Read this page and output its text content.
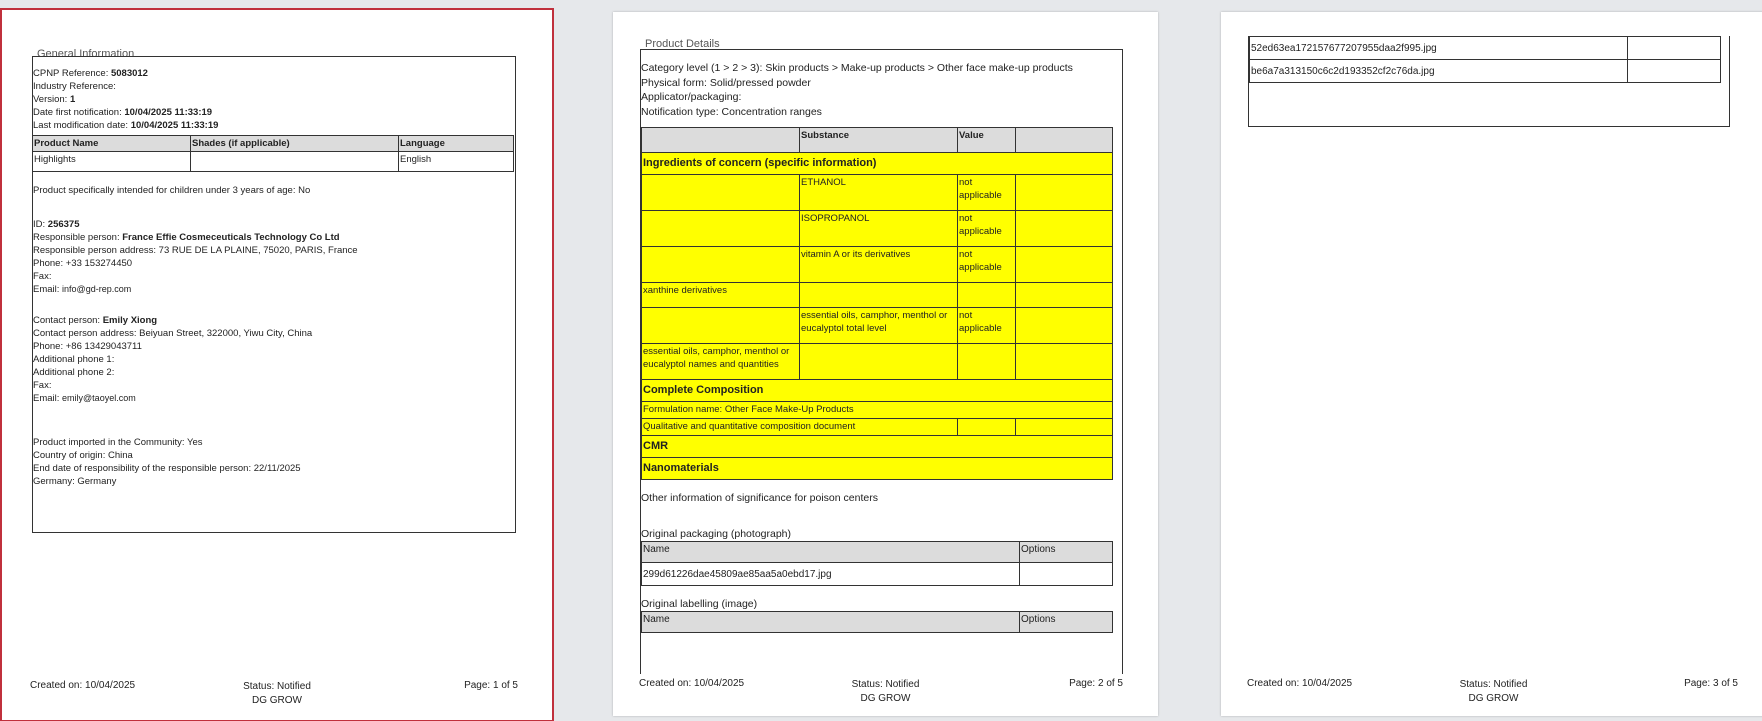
General Information
CPNP Reference: 5083012
Industry Reference:
Version: 1
Date first notification: 10/04/2025 11:33:19
Last modification date: 10/04/2025 11:33:19
Product Name	Shades (if applicable)	Language
Highlights		English
Product specifically intended for children under 3 years of age: No
ID: 256375
Responsible person: France Effie Cosmeceuticals Technology Co Ltd
Responsible person address: 73 RUE DE LA PLAINE, 75020, PARIS, France
Phone: +33 153274450
Fax:
Email: info@gd-rep.com
Contact person: Emily Xiong
Contact person address: Beiyuan Street, 322000, Yiwu City, China
Phone: +86 13429043711
Additional phone 1:
Additional phone 2:
Fax:
Email: emily@taoyel.com
Product imported in the Community: Yes
Country of origin: China
End date of responsibility of the responsible person: 22/11/2025
Germany: Germany
Created on: 10/04/2025	Status: Notified
DG GROW
Page: 1 of 5
Product Details
Category level (1 > 2 > 3): Skin products > Make-up products > Other face make-up products
Physical form: Solid/pressed powder
Applicator/packaging:
Notification type: Concentration ranges
	Substance	Value	
Ingredients of concern (specific information)			
	ETHANOL	not applicable	
	ISOPROPANOL	not applicable	
	vitamin A or its derivatives	not applicable	
xanthine derivatives			
	essential oils, camphor, menthol or eucalyptol total level	not applicable	
essential oils, camphor, menthol or eucalyptol names and quantities			
Complete Composition			
Formulation name: Other Face Make-Up Products			
Qualitative and quantitative composition document			
CMR			
Nanomaterials			
Other information of significance for poison centers
Original packaging (photograph)
Name	Options
299d61226dae45809ae85aa5a0ebd17.jpg	
Original labelling (image)
Name	Options
Created on: 10/04/2025	Status: Notified
DG GROW
Page: 2 of 5
52ed63ea172157677207955daa2f995.jpg	
be6a7a313150c6c2d193352cf2c76da.jpg	
Created on: 10/04/2025	Status: Notified
DG GROW
Page: 3 of 5
